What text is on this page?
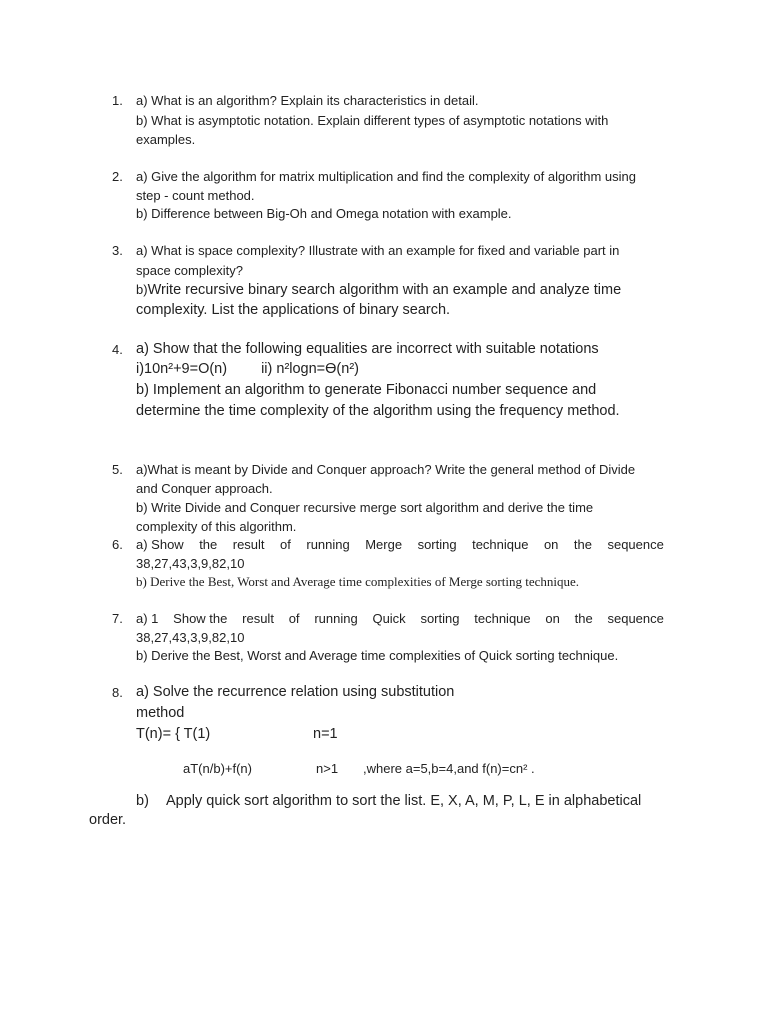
1. a) What is an algorithm? Explain its characteristics in detail.
b) What is asymptotic notation. Explain different types of asymptotic notations with
examples.
2. a) Give the algorithm for matrix multiplication and find the complexity of algorithm using
step - count method.
b) Difference between Big-Oh and Omega notation with example.
3. a) What is space complexity? Illustrate with an example for fixed and variable part in
space complexity?
b)Write recursive binary search algorithm with an example and analyze time
complexity. List the applications of binary search.
4. a) Show that the following equalities are incorrect with suitable notations
i)10n²+9=O(n) ii) n²logn=Ɵ(n²)
b) Implement an algorithm to generate Fibonacci number sequence and
determine the time complexity of the algorithm using the frequency method.
5. a)What is meant by Divide and Conquer approach? Write the general method of Divide
and Conquer approach.
b) Write Divide and Conquer recursive merge sort algorithm and derive the time
complexity of this algorithm.
6. a) Show the result of running Merge sorting technique on the sequence
38,27,43,3,9,82,10
b) Derive the Best, Worst and Average time complexities of Merge sorting technique.
7. a) 1 Show the result of running Quick sorting technique on the sequence
38,27,43,3,9,82,10
b) Derive the Best, Worst and Average time complexities of Quick sorting technique.
8. a) Solve the recurrence relation using substitution
method
T(n)= { T(1)	n=1
aT(n/b)+f(n)	n>1 ,where a=5,b=4,and f(n)=cn² .
b) Apply quick sort algorithm to sort the list. E, X, A, M, P, L, E in alphabetical
order.
